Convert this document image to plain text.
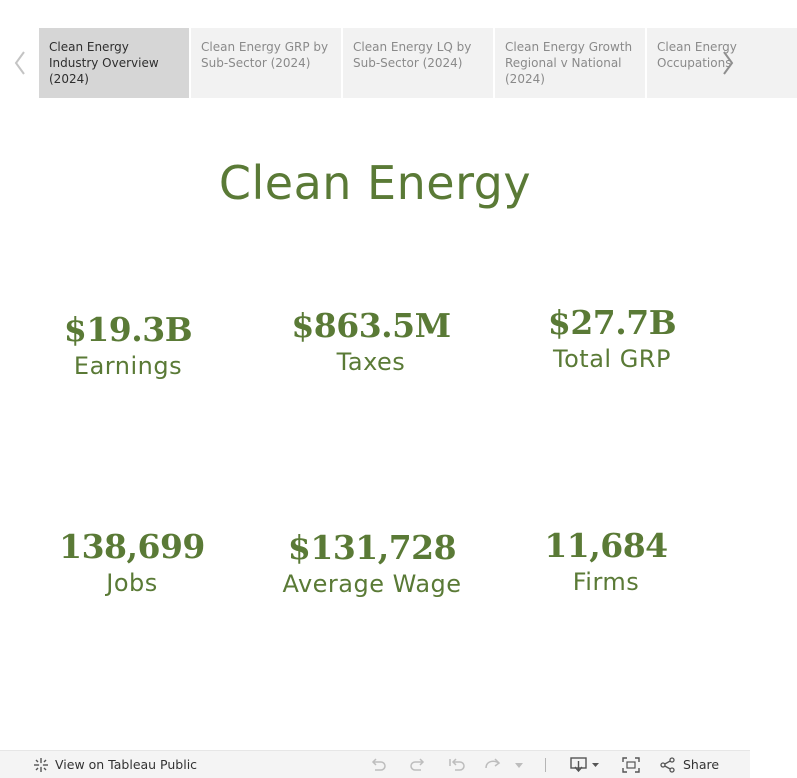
Clean Energy Industry Overview (2024)
Clean Energy GRP by Sub-Sector (2024)
Clean Energy LQ by Sub-Sector (2024)
Clean Energy Growth Regional v National (2024)
Clean Energy Occupations
Clean Energy
$19.3B
Earnings
$863.5M
Taxes
$27.7B
Total GRP
138,699
Jobs
$131,728
Average Wage
11,684
Firms
View on Tableau Public	Share
